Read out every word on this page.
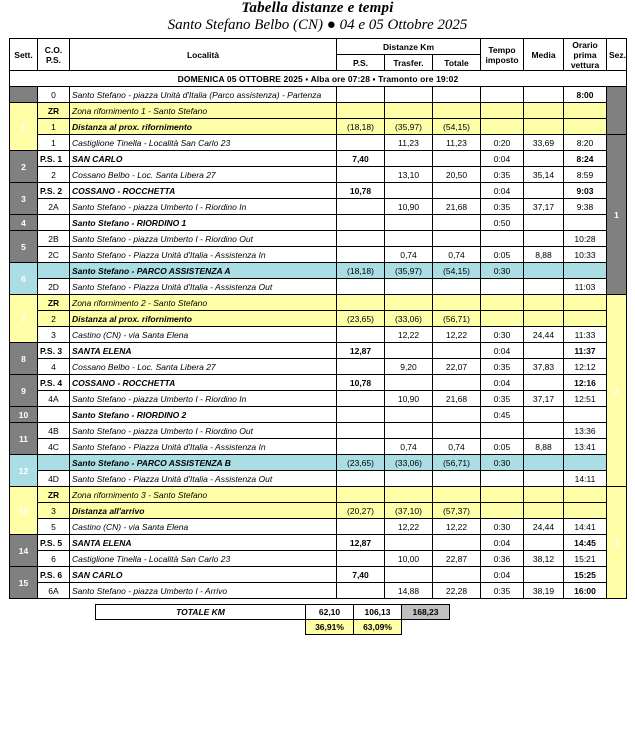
Tabella distanze e tempi
Santo Stefano Belbo (CN) ● 04 e 05 Ottobre 2025
Sett.	C.O.
P.S.	Località	Distanze Km			Tempo imposto	Media	Orario prima vettura	Sez.
			P.S.	Trasfer.	Totale				
DOMENICA 05 OTTOBRE 2025 ▪ Alba ore 07:28 ▪ Tramonto ore 19:02									
	0	Santo Stefano - piazza Unità d'Italia (Parco assistenza) - Partenza						8:00	
1	ZR	Zona rifornimento 1 - Santo Stefano							
	1	Distanza al prox. rifornimento	(18,18)	(35,97)	(54,15)				
	1	Castiglione Tinella - Località San Carlo 23		11,23	11,23	0:20	33,69	8:20	1
2	P.S. 1	SAN CARLO	7,40			0:04		8:24	
	2	Cossano Belbo - Loc. Santa Libera 27		13,10	20,50	0:35	35,14	8:59	
3	P.S. 2	COSSANO - ROCCHETTA	10,78			0:04		9:03	
	2A	Santo Stefano - piazza Umberto I - Riordino In		10,90	21,68	0:35	37,17	9:38	
4		Santo Stefano - RIORDINO 1				0:50			
5	2B	Santo Stefano - piazza Umberto I - Riordino Out						10:28	
	2C	Santo Stefano - Piazza Unità d'Italia - Assistenza In		0,74	0,74	0:05	8,88	10:33	
6		Santo Stefano - PARCO ASSISTENZA A	(18,18)	(35,97)	(54,15)	0:30			
	2D	Santo Stefano - Piazza Unità d'Italia - Assistenza Out						11:03	
7	ZR	Zona rifornimento 2 - Santo Stefano							2
	2	Distanza al prox. rifornimento	(23,65)	(33,06)	(56,71)				
	3	Castino (CN) - via Santa Elena		12,22	12,22	0:30	24,44	11:33	
8	P.S. 3	SANTA ELENA	12,87			0:04		11:37	
	4	Cossano Belbo - Loc. Santa Libera 27		9,20	22,07	0:35	37,83	12:12	
9	P.S. 4	COSSANO - ROCCHETTA	10,78			0:04		12:16	
	4A	Santo Stefano - piazza Umberto I - Riordino In		10,90	21,68	0:35	37,17	12:51	
10		Santo Stefano - RIORDINO 2				0:45			
11	4B	Santo Stefano - piazza Umberto I - Riordino Out						13:36	
	4C	Santo Stefano - Piazza Unità d'Italia - Assistenza In		0,74	0,74	0:05	8,88	13:41	
12		Santo Stefano - PARCO ASSISTENZA B	(23,65)	(33,06)	(56,71)	0:30			
	4D	Santo Stefano - Piazza Unità d'Italia - Assistenza Out						14:11	
13	ZR	Zona rifornimento 3 - Santo Stefano							3
	3	Distanza all'arrivo	(20,27)	(37,10)	(57,37)				
	5	Castino (CN) - via Santa Elena		12,22	12,22	0:30	24,44	14:41	
14	P.S. 5	SANTA ELENA	12,87			0:04		14:45	
	6	Castiglione Tinella - Località San Carlo 23		10,00	22,87	0:36	38,12	15:21	
15	P.S. 6	SAN CARLO	7,40			0:04		15:25	
	6A	Santo Stefano - piazza Umberto I - Arrivo		14,88	22,28	0:35	38,19	16:00	
TOTALE KM	62,10	106,13	168,23
	36,91%	63,09%	
